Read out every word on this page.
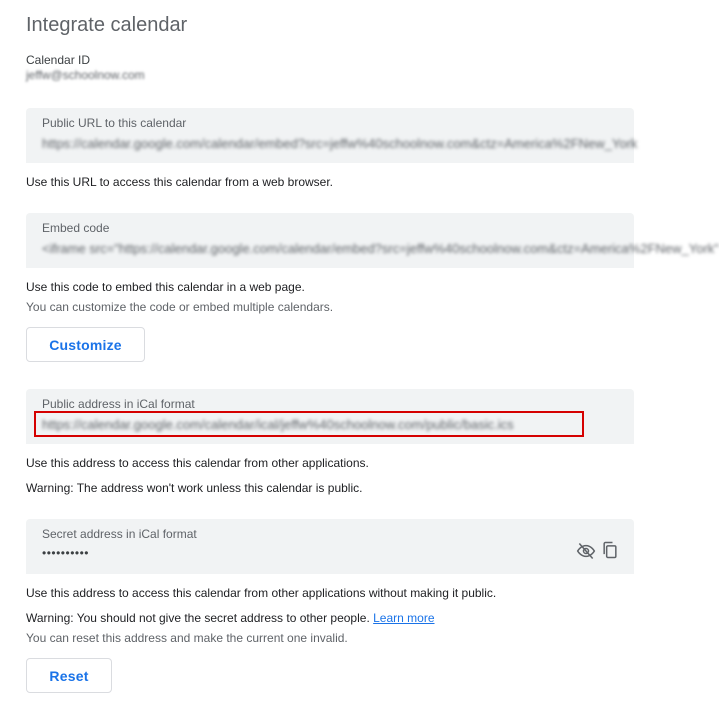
Integrate calendar
Calendar ID
jeffw@schoolnow.com
Public URL to this calendar
https://calendar.google.com/calendar/embed?src=jeffw%40schoolnow.com&ctz=America%2FNew_York
Use this URL to access this calendar from a web browser.
Embed code
<iframe src="https://calendar.google.com/calendar/embed?src=jeffw%40schoolnow.com&ctz=America%2FNew_York"
Use this code to embed this calendar in a web page.
You can customize the code or embed multiple calendars.
Customize
Public address in iCal format
https://calendar.google.com/calendar/ical/jeffw%40schoolnow.com/public/basic.ics
Use this address to access this calendar from other applications.
Warning: The address won't work unless this calendar is public.
Secret address in iCal format
••••••••••
Use this address to access this calendar from other applications without making it public.
Warning: You should not give the secret address to other people. Learn more
You can reset this address and make the current one invalid.
Reset
